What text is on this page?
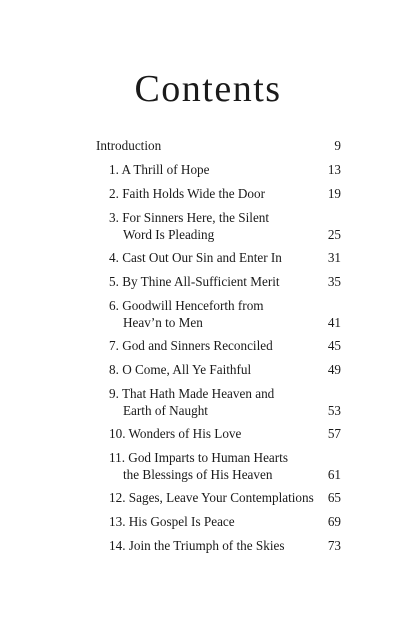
Contents
Introduction	9
1. A Thrill of Hope	13
2. Faith Holds Wide the Door	19
3. For Sinners Here, the Silent
Word Is Pleading	25
4. Cast Out Our Sin and Enter In	31
5. By Thine All-Sufficient Merit	35
6. Goodwill Henceforth from
Heav’n to Men	41
7. God and Sinners Reconciled	45
8. O Come, All Ye Faithful	49
9. That Hath Made Heaven and
Earth of Naught	53
10. Wonders of His Love	57
11. God Imparts to Human Hearts
the Blessings of His Heaven	61
12. Sages, Leave Your Contemplations 65
13. His Gospel Is Peace	69
14. Join the Triumph of the Skies	73
